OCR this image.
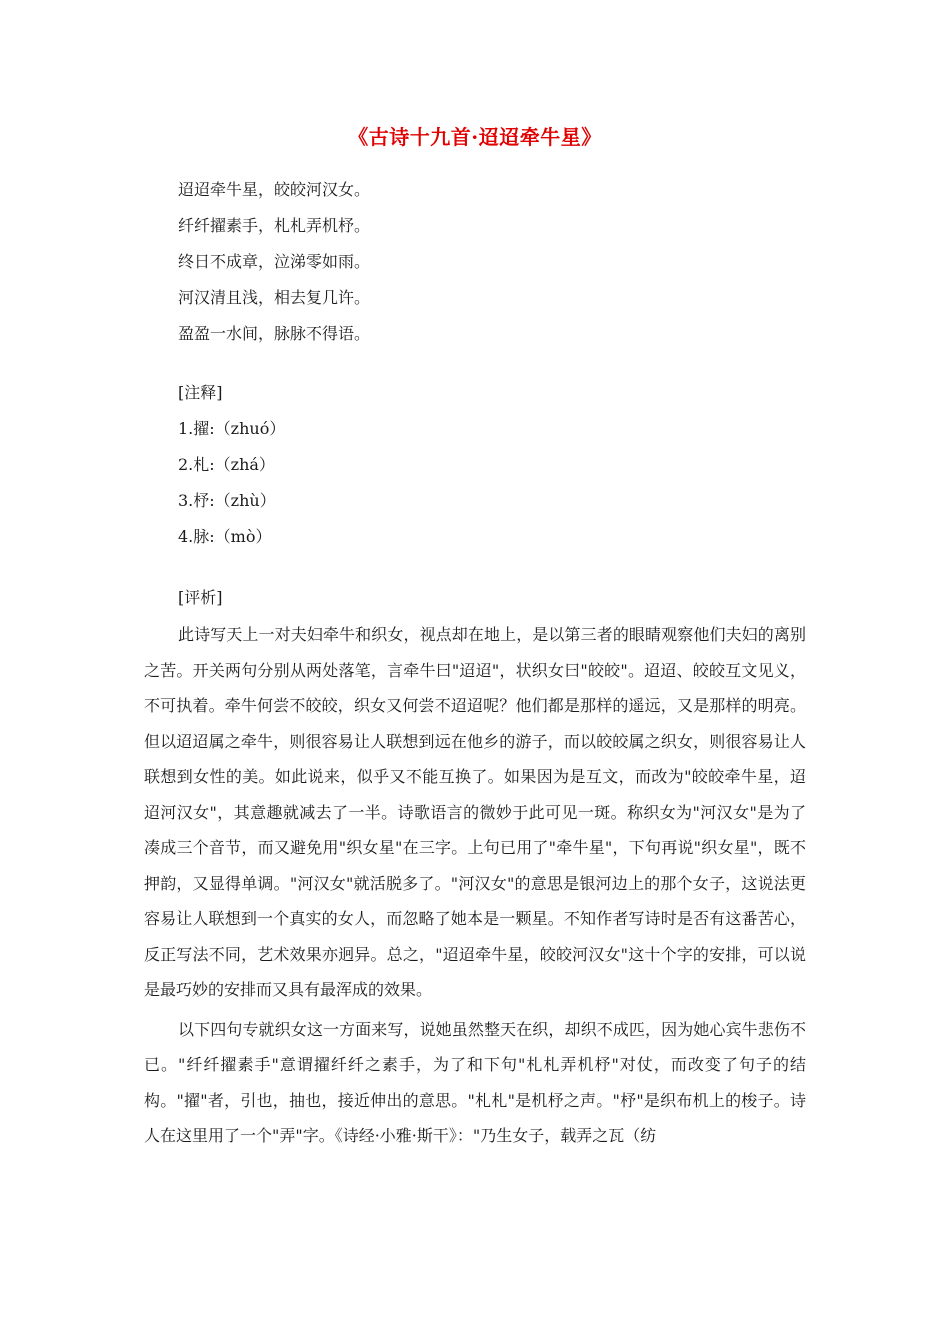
《古诗十九首·迢迢牵牛星》
迢迢牵牛星，皎皎河汉女。
纤纤擢素手，札札弄机杼。
终日不成章，泣涕零如雨。
河汉清且浅，相去复几许。
盈盈一水间，脉脉不得语。
[注释]
1.擢:（zhuó）
2.札:（zhá）
3.杼:（zhù）
4.脉:（mò）
[评析]

此诗写天上一对夫妇牵牛和织女，视点却在地上，是以第三者的眼睛观察他们夫妇的离别之苦。开关两句分别从两处落笔，言牵牛曰"迢迢"，状织女曰"皎皎"。迢迢、皎皎互文见义，不可执着。牵牛何尝不皎皎，织女又何尝不迢迢呢？他们都是那样的遥远，又是那样的明亮。但以迢迢属之牵牛，则很容易让人联想到远在他乡的游子，而以皎皎属之织女，则很容易让人联想到女性的美。如此说来，似乎又不能互换了。如果因为是互文，而改为"皎皎牵牛星，迢迢河汉女"，其意趣就减去了一半。诗歌语言的微妙于此可见一斑。称织女为"河汉女"是为了凑成三个音节，而又避免用"织女星"在三字。上句已用了"牵牛星"，下句再说"织女星"，既不押韵，又显得单调。"河汉女"就活脱多了。"河汉女"的意思是银河边上的那个女子，这说法更容易让人联想到一个真实的女人，而忽略了她本是一颗星。不知作者写诗时是否有这番苦心，反正写法不同，艺术效果亦迥异。总之，"迢迢牵牛星，皎皎河汉女"这十个字的安排，可以说是最巧妙的安排而又具有最浑成的效果。

以下四句专就织女这一方面来写，说她虽然整天在织，却织不成匹，因为她心宾牛悲伤不已。"纤纤擢素手"意谓擢纤纤之素手，为了和下句"札札弄机杼"对仗，而改变了句子的结构。"擢"者，引也，抽也，接近伸出的意思。"札札"是机杼之声。"杼"是织布机上的梭子。诗人在这里用了一个"弄"字。《诗经·小雅·斯干》："乃生女子，载弄之瓦（纺
